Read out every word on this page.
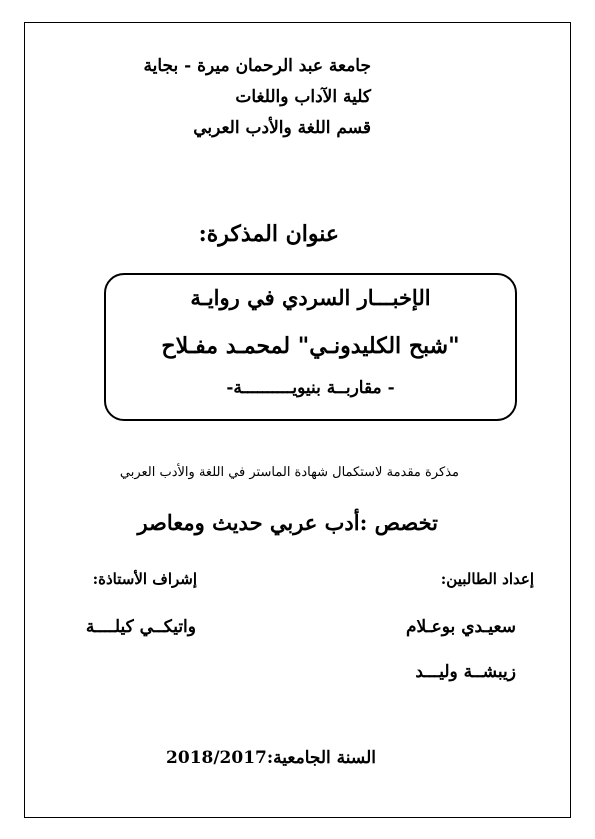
جامعة عبد الرحمان ميرة - بجاية
كلية الآداب واللغات
قسم اللغة والأدب العربي
عنوان المذكرة:
الإخبـــار السردي في روايـة
"شبح الكليدونـي" لمحمـد مفـلاح
- مقاربــة بنيويــــــــــة-
مذكرة مقدمة لاستكمال شهادة الماستر في اللغة والأدب العربي
تخصص :أدب عربي حديث ومعاصر
إعداد الطالبين:
إشراف الأستاذة:
سعيـدي بوعـلام
زيبشــة وليـــد
واتيكــي كيلــــة
السنة الجامعية:2018/2017
